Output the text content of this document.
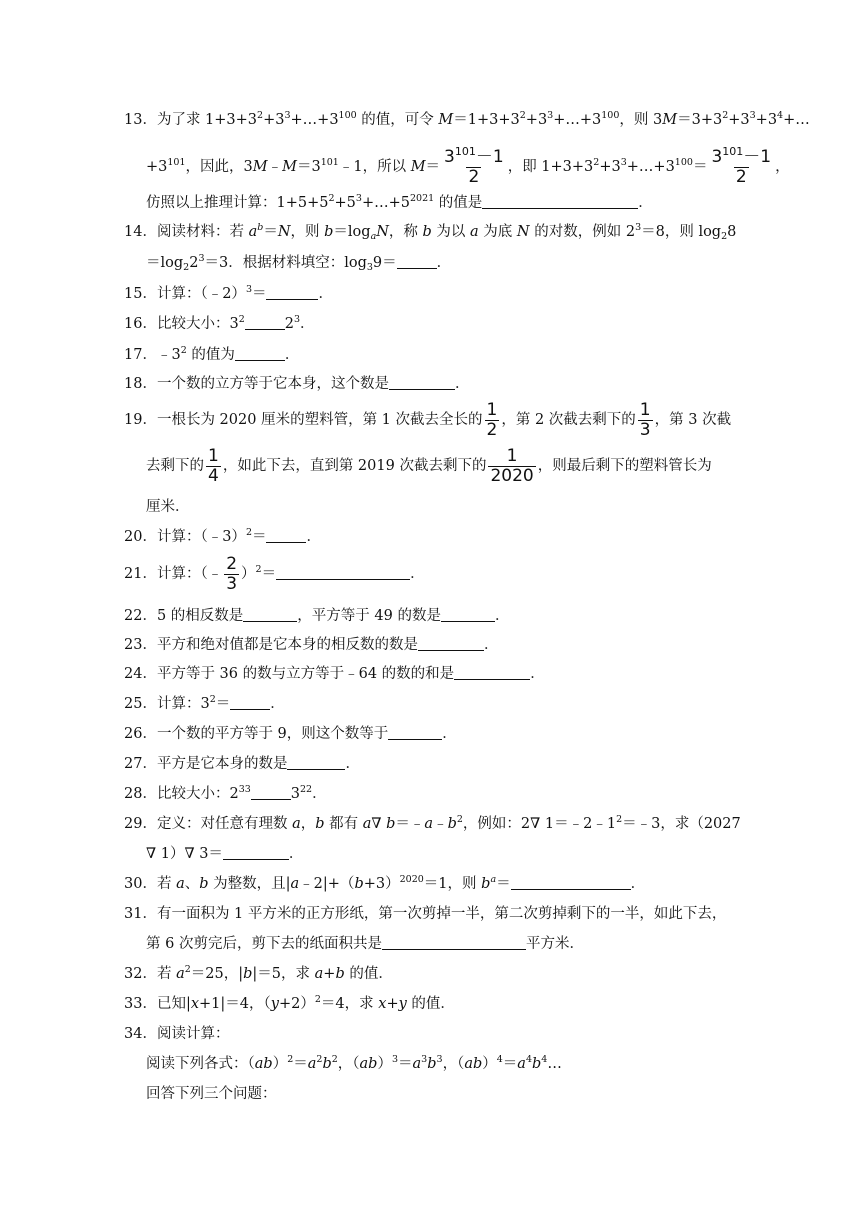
13．为了求 $1+3+3^2+3^3+\dots+3^{100}$ 的值，可令 $M=1+3+3^2+3^3+\dots+3^{100}$，则 $3M=3+3^2+3^3+3^4+\dots$
$+3^{101}$，因此，$3M﹣M=3^{101}﹣1$，所以 $M= \frac{3^{101}-1}{2}$ ，即 $1+3+3^2+3^3+\dots+3^{100}= \frac{3^{101}-1}{2}$ ，
仿照以上推理计算：$1+5+5^2+5^3+\dots+5^{2021}$ 的值是	．
14．阅读材料：若 $a^b=N$，则 $b=\log_aN$，称 b 为以 a 为底 N 的对数，例如 $2^3=8$，则 $\log_28$
$=\log_22^3=3$．根据材料填空：$\log_39=$	．
15．计算：（﹣2）$^3$＝	．
16．比较大小：$3^2$	$2^3$．
17．$﹣3^2$ 的值为	．
18．一个数的立方等于它本身，这个数是	．
19．一根长为 2020 厘米的塑料管，第 1 次截去全长的 $\frac{1}{2}$ ，第 2 次截去剩下的 $\frac{1}{3}$ ，第 3 次截
去剩下的 $\frac{1}{4}$ ，如此下去，直到第 2019 次截去剩下的 $\frac{1}{2020}$ ，则最后剩下的塑料管长为
厘米．
20．计算：（﹣3）$^2$＝	．
21．计算：（﹣ $\frac{2}{3} )^2=$	．
22．5 的相反数是	，平方等于 49 的数是	．
23．平方和绝对值都是它本身的相反数的数是	．
24．平方等于 36 的数与立方等于﹣64 的数的和是	．
25．计算：$3^2=$	．
26．一个数的平方等于 9，则这个数等于	．
27．平方是它本身的数是	．
28．比较大小：$2^{33}$	$3^{22}$．
29．定义：对任意有理数 a，b 都有 a∇ $b=﹣a﹣b^2$，例如：2∇ $1=﹣2﹣1^2=﹣3$，求（2027
∇ 1）∇ 3＝	．
30．若 a、b 为整数，且$|a﹣2|+(b+3)^{2020}=1$，则 $b^a=$	．
31．有一面积为 1 平方米的正方形纸，第一次剪掉一半，第二次剪掉剩下的一半，如此下去，
第 6 次剪完后，剪下去的纸面积共是	平方米．
32．若 $a^2=25$，|b|＝5，求 a+b 的值．
33．已知|x+1|＝4，$(y+2)^2=4$，求 x+y 的值．
34．阅读计算：
阅读下列各式：$(ab)^2=a^2b^2$，$(ab)^3=a^3b^3$，$(ab)^4=a^4b^4\dots$
回答下列三个问题：
